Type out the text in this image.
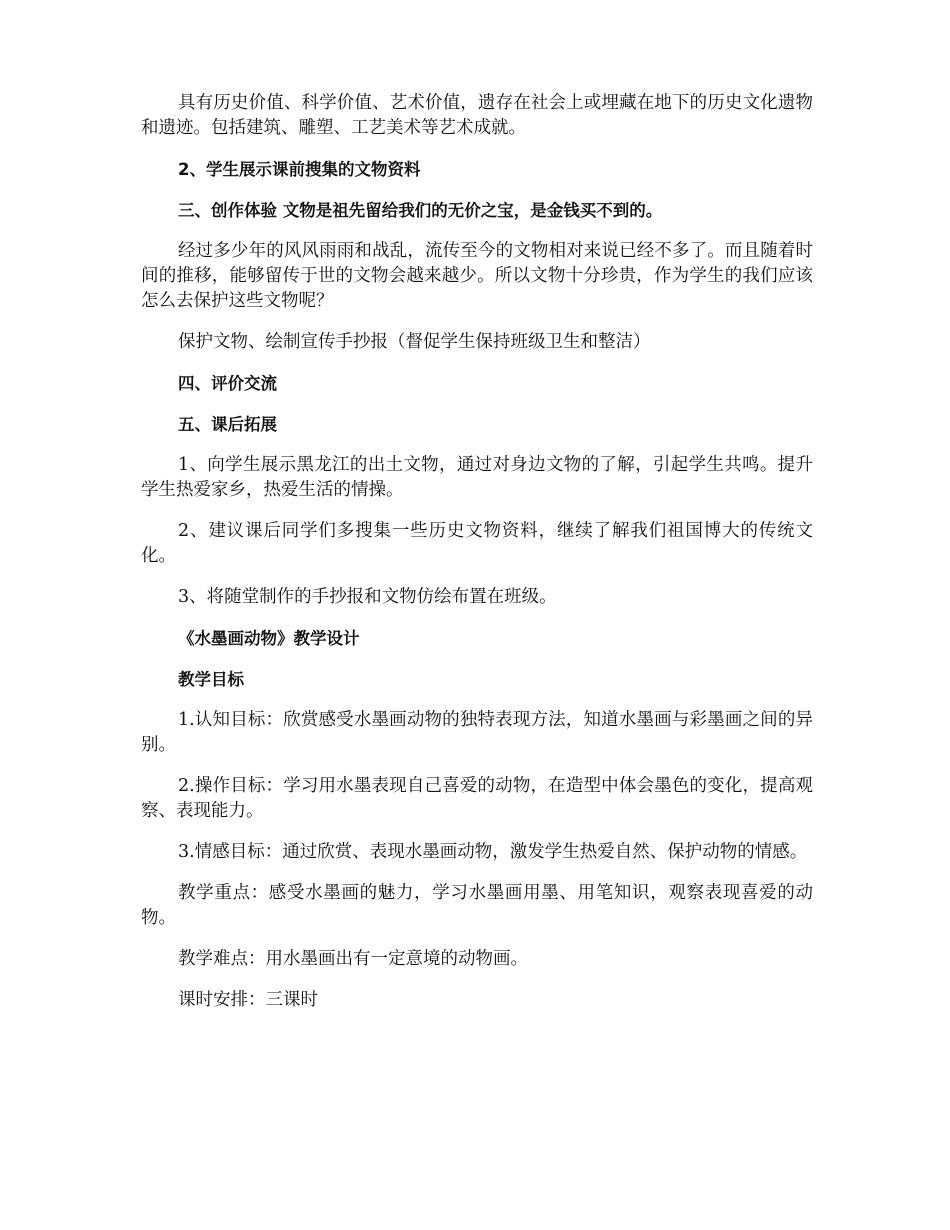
具有历史价值、科学价值、艺术价值，遗存在社会上或埋藏在地下的历史文化遗物和遗迹。包括建筑、雕塑、工艺美术等艺术成就。

2、学生展示课前搜集的文物资料

三、创作体验 文物是祖先留给我们的无价之宝，是金钱买不到的。

经过多少年的风风雨雨和战乱，流传至今的文物相对来说已经不多了。而且随着时间的推移，能够留传于世的文物会越来越少。所以文物十分珍贵，作为学生的我们应该怎么去保护这些文物呢？

保护文物、绘制宣传手抄报（督促学生保持班级卫生和整洁）

四、评价交流

五、课后拓展

1、向学生展示黑龙江的出土文物，通过对身边文物的了解，引起学生共鸣。提升学生热爱家乡，热爱生活的情操。

2、建议课后同学们多搜集一些历史文物资料，继续了解我们祖国博大的传统文化。

3、将随堂制作的手抄报和文物仿绘布置在班级。

《水墨画动物》教学设计

教学目标

1.认知目标：欣赏感受水墨画动物的独特表现方法，知道水墨画与彩墨画之间的异别。

2.操作目标：学习用水墨表现自己喜爱的动物，在造型中体会墨色的变化，提高观察、表现能力。

3.情感目标：通过欣赏、表现水墨画动物，激发学生热爱自然、保护动物的情感。

教学重点：感受水墨画的魅力，学习水墨画用墨、用笔知识，观察表现喜爱的动物。

教学难点：用水墨画出有一定意境的动物画。

课时安排：三课时
